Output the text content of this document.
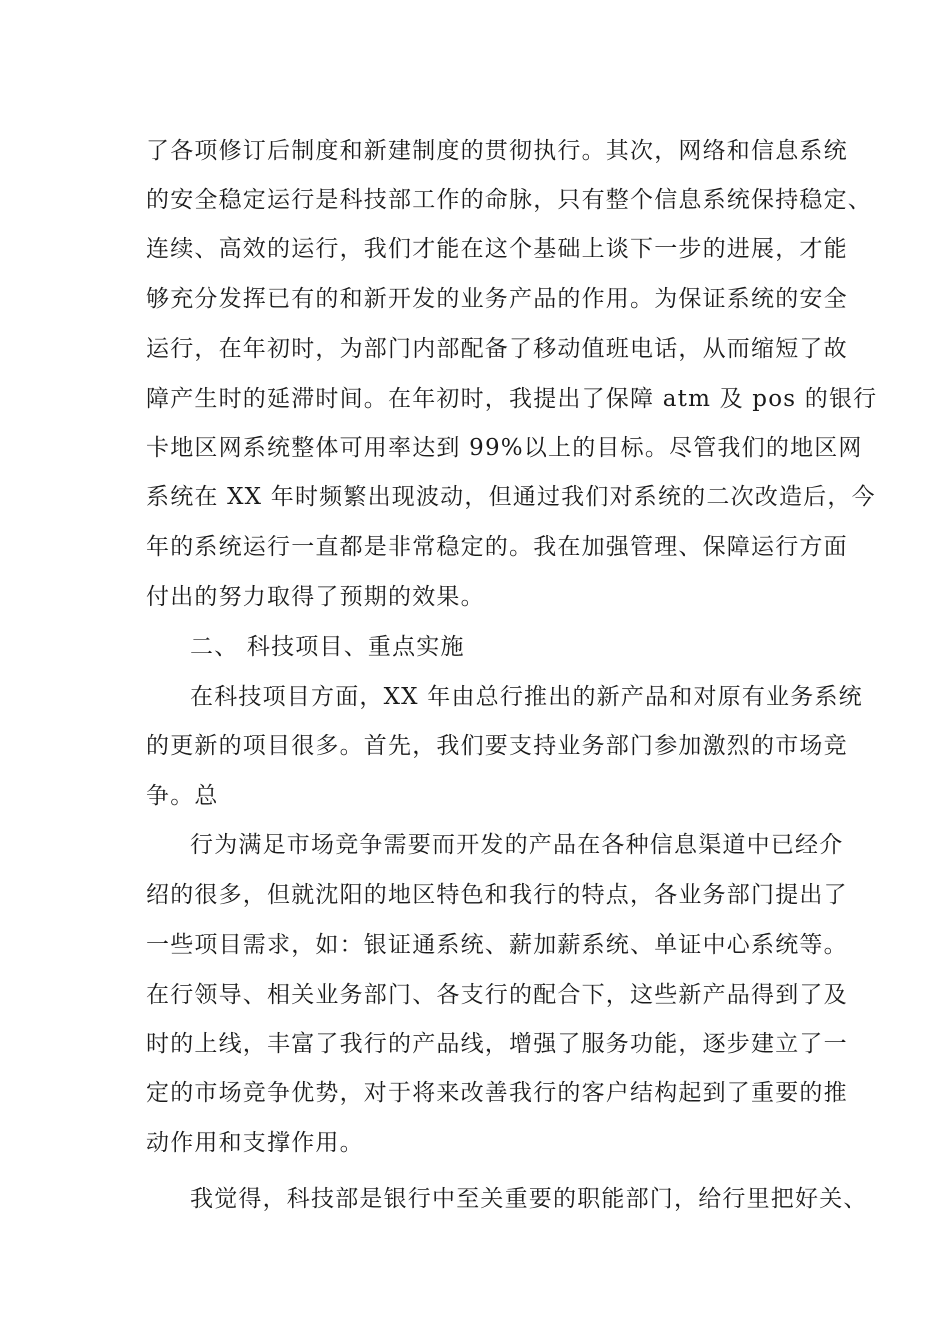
了各项修订后制度和新建制度的贯彻执行。其次，网络和信息系统
的安全稳定运行是科技部工作的命脉，只有整个信息系统保持稳定、
连续、高效的运行，我们才能在这个基础上谈下一步的进展，才能
够充分发挥已有的和新开发的业务产品的作用。为保证系统的安全
运行，在年初时，为部门内部配备了移动值班电话，从而缩短了故
障产生时的延滞时间。在年初时，我提出了保障 atm 及 pos 的银行
卡地区网系统整体可用率达到 99%以上的目标。尽管我们的地区网
系统在 XX 年时频繁出现波动，但通过我们对系统的二次改造后，今
年的系统运行一直都是非常稳定的。我在加强管理、保障运行方面
付出的努力取得了预期的效果。
二、 科技项目、重点实施
在科技项目方面，XX 年由总行推出的新产品和对原有业务系统
的更新的项目很多。首先，我们要支持业务部门参加激烈的市场竞
争。总
行为满足市场竞争需要而开发的产品在各种信息渠道中已经介
绍的很多，但就沈阳的地区特色和我行的特点，各业务部门提出了
一些项目需求，如：银证通系统、薪加薪系统、单证中心系统等。
在行领导、相关业务部门、各支行的配合下，这些新产品得到了及
时的上线，丰富了我行的产品线，增强了服务功能，逐步建立了一
定的市场竞争优势，对于将来改善我行的客户结构起到了重要的推
动作用和支撑作用。
我觉得，科技部是银行中至关重要的职能部门，给行里把好关、
